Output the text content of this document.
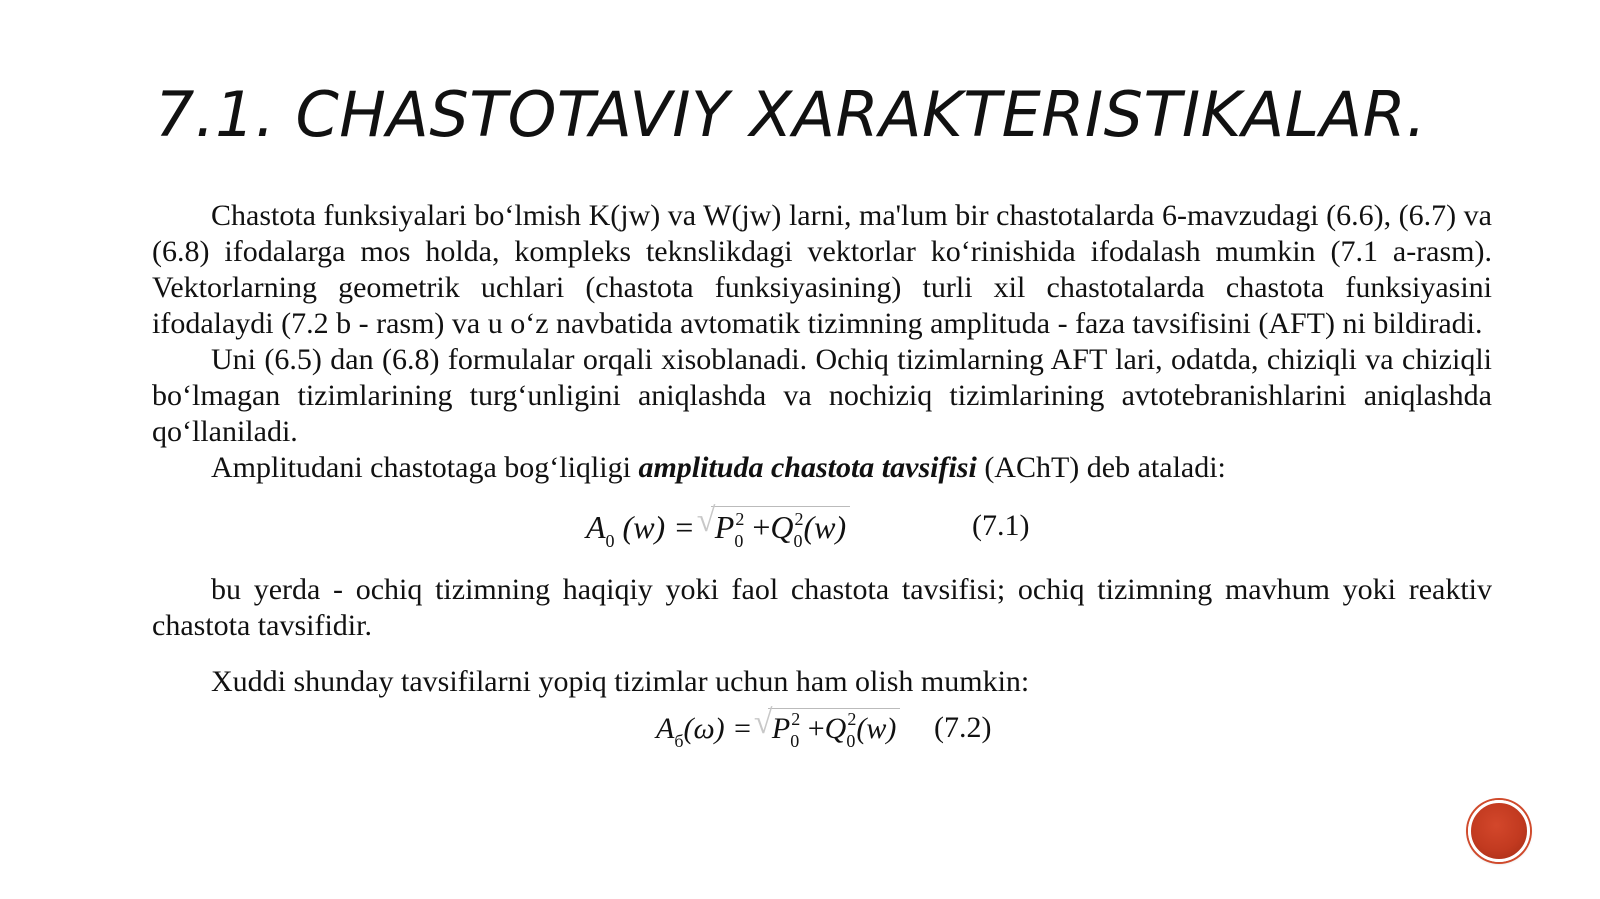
7.1. CHASTOTAVIY XARAKTERISTIKALAR.

Chastota funksiyalari bo‘lmish K(jw) va W(jw) larni, ma'lum bir chastotalarda 6-mavzudagi (6.6), (6.7) va (6.8) ifodalarga mos holda, kompleks teknslikdagi vektorlar ko‘rinishida ifodalash mumkin (7.1 a-rasm). Vektorlarning geometrik uchlari (chastota funksiyasining) turli xil chastotalarda chastota funksiyasini ifodalaydi (7.2 b - rasm) va u o‘z navbatida avtomatik tizimning amplituda - faza tavsifisini (AFT) ni bildiradi.

Uni (6.5) dan (6.8) formulalar orqali xisoblanadi. Ochiq tizimlarning AFT lari, odatda, chiziqli va chiziqli bo‘lmagan tizimlarining turg‘unligini aniqlashda va nochiziq tizimlarining avtotebranishlarini aniqlashda qo‘llaniladi.

Amplitudani chastotaga bog‘liqligi amplituda chastota tavsifisi (AChT) deb ataladi:

$A_0$ (w) = √ $P_0^2 +Q_0^2(w)$	(7.1)

bu yerda - ochiq tizimning haqiqiy yoki faol chastota tavsifisi; ochiq tizimning mavhum yoki reaktiv chastota tavsifidir.

Xuddi shunday tavsifilarni yopiq tizimlar uchun ham olish mumkin:

$A_б(\omega)$ = √ $P_0^2 +Q_0^2(w)$ (7.2)
